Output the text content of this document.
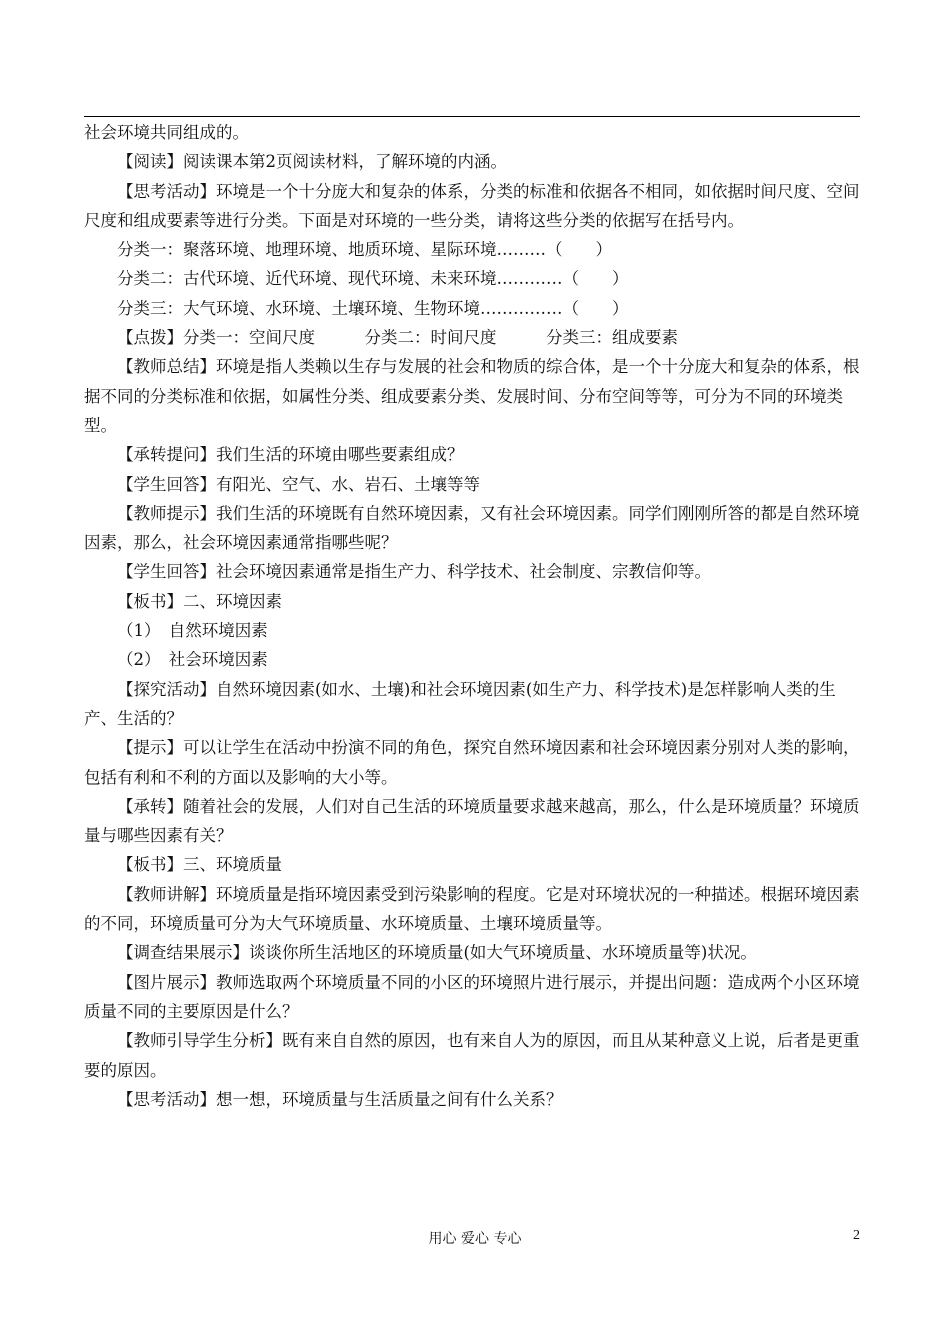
社会环境共同组成的。

【阅读】阅读课本第2页阅读材料，了解环境的内涵。

【思考活动】环境是一个十分庞大和复杂的体系，分类的标准和依据各不相同，如依据时间尺度、空间尺度和组成要素等进行分类。下面是对环境的一些分类，请将这些分类的依据写在括号内。

分类一：聚落环境、地理环境、地质环境、星际环境………（　　）

分类二：古代环境、近代环境、现代环境、未来环境…………（　　）

分类三：大气环境、水环境、土壤环境、生物环境……………（　　）

【点拨】分类一：空间尺度　　　分类二：时间尺度　　　分类三：组成要素

【教师总结】环境是指人类赖以生存与发展的社会和物质的综合体，是一个十分庞大和复杂的体系，根据不同的分类标准和依据，如属性分类、组成要素分类、发展时间、分布空间等等，可分为不同的环境类型。

【承转提问】我们生活的环境由哪些要素组成？

【学生回答】有阳光、空气、水、岩石、土壤等等

【教师提示】我们生活的环境既有自然环境因素，又有社会环境因素。同学们刚刚所答的都是自然环境因素，那么，社会环境因素通常指哪些呢？

【学生回答】社会环境因素通常是指生产力、科学技术、社会制度、宗教信仰等。

【板书】二、环境因素

（1）　自然环境因素

（2）　社会环境因素

【探究活动】自然环境因素(如水、土壤)和社会环境因素(如生产力、科学技术)是怎样影响人类的生产、生活的？

【提示】可以让学生在活动中扮演不同的角色，探究自然环境因素和社会环境因素分别对人类的影响，包括有利和不利的方面以及影响的大小等。

【承转】随着社会的发展，人们对自己生活的环境质量要求越来越高，那么，什么是环境质量？环境质量与哪些因素有关？

【板书】三、环境质量

【教师讲解】环境质量是指环境因素受到污染影响的程度。它是对环境状况的一种描述。根据环境因素的不同，环境质量可分为大气环境质量、水环境质量、土壤环境质量等。

【调查结果展示】谈谈你所生活地区的环境质量(如大气环境质量、水环境质量等)状况。

【图片展示】教师选取两个环境质量不同的小区的环境照片进行展示，并提出问题：造成两个小区环境质量不同的主要原因是什么？

【教师引导学生分析】既有来自自然的原因，也有来自人为的原因，而且从某种意义上说，后者是更重要的原因。

【思考活动】想一想，环境质量与生活质量之间有什么关系？

用心 爱心 专心	2
